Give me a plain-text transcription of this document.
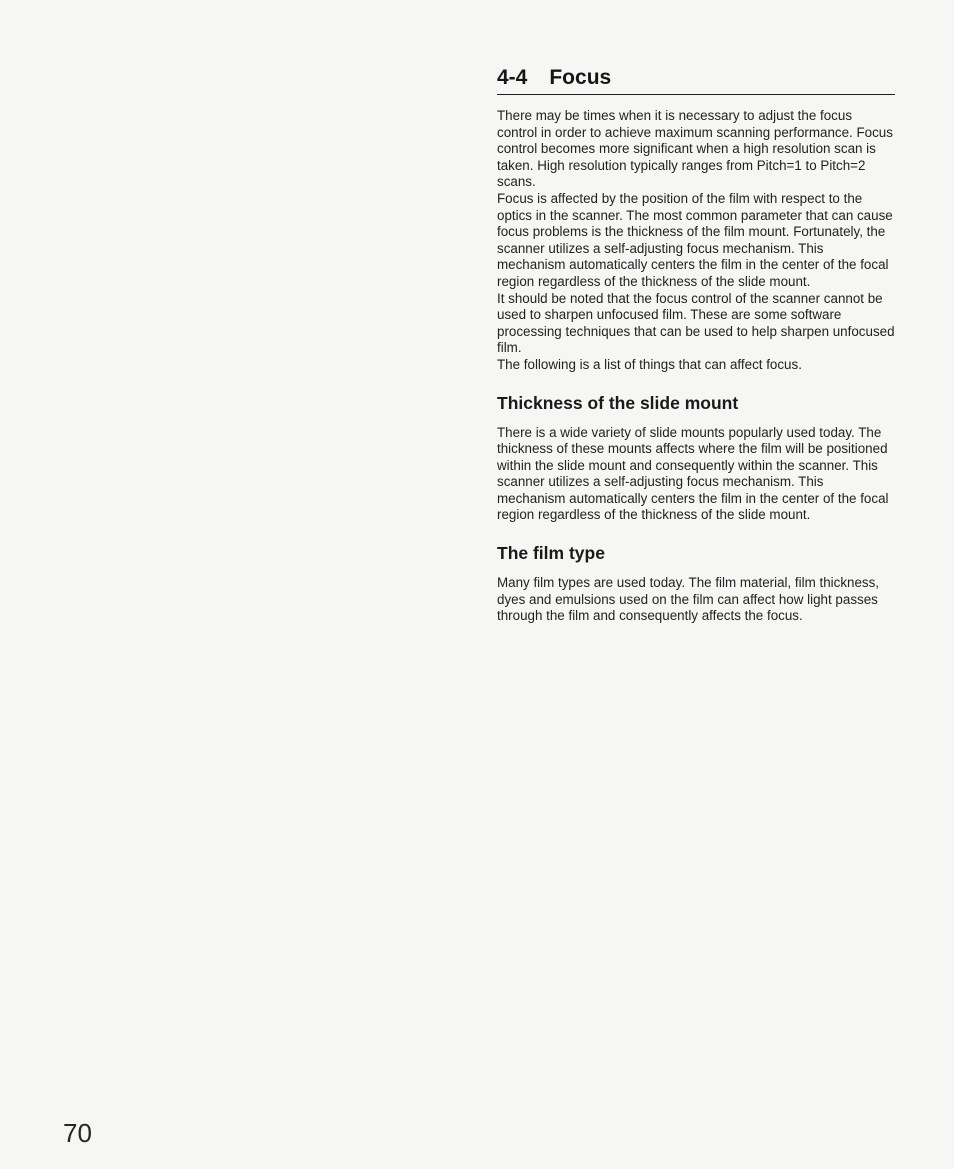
4-4 Focus

There may be times when it is necessary to adjust the focus control in order to achieve maximum scanning performance. Focus control becomes more significant when a high resolution scan is taken. High resolution typically ranges from Pitch=1 to Pitch=2 scans.

Focus is affected by the position of the film with respect to the optics in the scanner. The most common parameter that can cause focus problems is the thickness of the film mount. Fortunately, the scanner utilizes a self-adjusting focus mechanism. This mechanism automatically centers the film in the center of the focal region regardless of the thickness of the slide mount.

It should be noted that the focus control of the scanner cannot be used to sharpen unfocused film. These are some software processing techniques that can be used to help sharpen unfocused film.

The following is a list of things that can affect focus.

Thickness of the slide mount

There is a wide variety of slide mounts popularly used today. The thickness of these mounts affects where the film will be positioned within the slide mount and consequently within the scanner. This scanner utilizes a self-adjusting focus mechanism. This mechanism automatically centers the film in the center of the focal region regardless of the thickness of the slide mount.

The film type

Many film types are used today. The film material, film thickness, dyes and emulsions used on the film can affect how light passes through the film and consequently affects the focus.

70
